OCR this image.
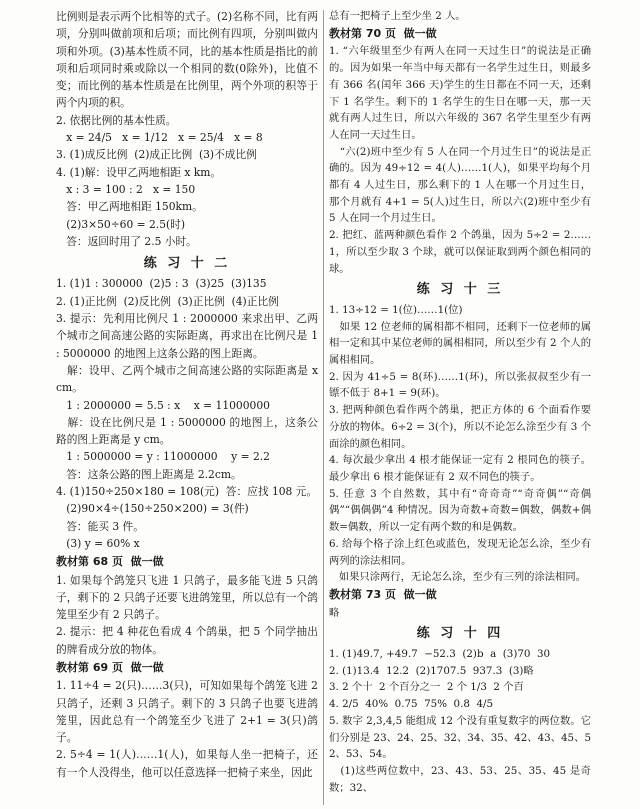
比例则是表示两个比相等的式子。(2)名称不同，比有两项，分别叫做前项和后项；而比例有四项，分别叫做内项和外项。(3)基本性质不同，比的基本性质是指比的前项和后项同时乘或除以一个相同的数(0除外)，比值不变；而比例的基本性质是在比例里，两个外项的积等于两个内项的积。

2. 依据比例的基本性质。
x = 24/5   x = 1/12   x = 25/4   x = 8

3. (1)成反比例  (2)成正比例  (3)不成比例

4. (1)解：设甲乙两地相距 x km。
x : 3 = 100 : 2   x = 150
答：甲乙两地相距 150km。
(2)3×50÷60 = 2.5(时)
答：返回时用了 2.5 小时。

练 习 十 二

1. (1)1 : 300000  (2)5 : 3  (3)25  (3)135

2. (1)正比例  (2)反比例  (3)正比例  (4)正比例

3. 提示：先利用比例尺 1 : 2000000 来求出甲、乙两个城市之间高速公路的实际距离，再求出在比例尺是 1 : 5000000 的地图上这条公路的图上距离。
解：设甲、乙两个城市之间高速公路的实际距离是 x cm。
1 : 2000000 = 5.5 : x    x = 11000000
解：设在比例尺是 1 : 5000000 的地图上，这条公路的图上距离是 y cm。
1 : 5000000 = y : 11000000    y = 2.2
答：这条公路的图上距离是 2.2cm。

4. (1)150÷250×180 = 108(元)  答：应找 108 元。
(2)90×4÷(150÷250×200) = 3(件)
答：能买 3 件。
(3) y = 60% x

教材第 68 页  做一做

1. 如果每个鸽笼只飞进 1 只鸽子，最多能飞进 5 只鸽子，剩下的 2 只鸽子还要飞进鸽笼里，所以总有一个鸽笼里至少有 2 只鸽子。

2. 提示：把 4 种花色看成 4 个鸽巢，把 5 个同学抽出的牌看成分放的物体。

教材第 69 页  做一做

1. 11÷4 = 2(只)……3(只)，可知如果每个鸽笼飞进 2 只鸽子，还剩 3 只鸽子。剩下的 3 只鸽子也要飞进鸽笼里，因此总有一个鸽笼至少飞进了 2+1 = 3(只)鸽子。

2. 5÷4 = 1(人)……1(人)，如果每人坐一把椅子，还有一个人没得坐，他可以任意选择一把椅子来坐，因此

总有一把椅子上至少坐 2 人。

教材第 70 页  做一做

1. “六年级里至少有两人在同一天过生日”的说法是正确的。因为如果一年当中每天都有一名学生过生日，则最多有 366 名(闰年 366 天)学生的生日都在不同一天，还剩下 1 名学生。剩下的 1 名学生的生日在哪一天，那一天就有两人过生日，所以六年级的 367 名学生里至少有两人在同一天过生日。
“六(2)班中至少有 5 人在同一个月过生日”的说法是正确的。因为 49÷12 = 4(人)……1(人)，如果平均每个月都有 4 人过生日，那么剩下的 1 人在哪一个月过生日，那个月就有 4+1 = 5(人)过生日，所以六(2)班中至少有 5 人在同一个月过生日。

2. 把红、蓝两种颜色看作 2 个鸽巢，因为 5÷2 = 2……1，所以至少取 3 个球，就可以保证取到两个颜色相同的球。

练 习 十 三

1. 13÷12 = 1(位)……1(位)
如果 12 位老师的属相都不相同，还剩下一位老师的属相一定和其中某位老师的属相相同，所以至少有 2 个人的属相相同。

2. 因为 41÷5 = 8(环)……1(环)，所以张叔叔至少有一镖不低于 8+1 = 9(环)。

3. 把两种颜色看作两个鸽巢，把正方体的 6 个面看作要分放的物体。6÷2 = 3(个)，所以不论怎么涂至少有 3 个面涂的颜色相同。

4. 每次最少拿出 4 根才能保证一定有 2 根同色的筷子。最少拿出 6 根才能保证有 2 双不同色的筷子。

5. 任意 3 个自然数，其中有“奇奇奇”“奇奇偶”“奇偶偶”“偶偶偶”4 种情况。因为奇数+奇数=偶数，偶数+偶数=偶数，所以一定有两个数的和是偶数。

6. 给每个格子涂上红色或蓝色，发现无论怎么涂，至少有两列的涂法相同。
如果只涂两行，无论怎么涂，至少有三列的涂法相同。

教材第 73 页  做一做

略

练 习 十 四

1. (1)49.7, +49.7  −52.3  (2)b  a  (3)70  30

2. (1)13.4  12.2  (2)1707.5  937.3  (3)略

3. 2 个十  2 个百分之一  2 个 1/3  2 个百

4. 2/5  40%  0.75  75%  0.8  4/5

5. 数字 2,3,4,5 能组成 12 个没有重复数字的两位数。它们分别是 23、24、25、32、34、35、42、43、45、52、53、54。
(1)这些两位数中，23、43、53、25、35、45 是奇数；32、
